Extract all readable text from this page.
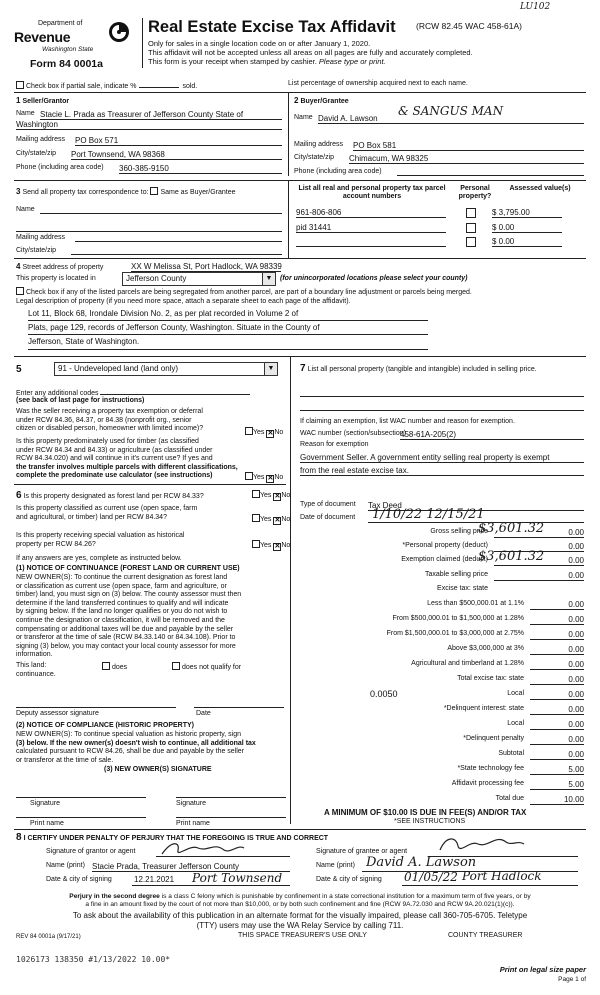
LU102
Department of
Revenue
Washington State
Form 84 0001a
Real Estate Excise Tax Affidavit (RCW 82.45 WAC 458-61A)
Only for sales in a single location code on or after January 1, 2020.
This affidavit will not be accepted unless all areas on all pages are fully and accurately completed.
This form is your receipt when stamped by cashier. Please type or print.
Check box if partial sale, indicate %	sold.	List percentage of ownership acquired next to each name.
1 Seller/Grantor
Name Stacie L. Prada as Treasurer of Jefferson County State of
Washington
Mailing address PO Box 571
City/state/zip Port Townsend, WA 98368
Phone (including area code) 360-385-9150
2 Buyer/Grantee
Name David A. Lawson
& SANGUS MAN
Mailing address PO Box 581
City/state/zip Chimacum, WA 98325
Phone (including area code)
3 Send all property tax correspondence to: Same as Buyer/Grantee
Name
Mailing address
City/state/zip
List all real and personal property tax parcel account numbers
Personal property?
Assessed value(s)
961-806-806	$ 3,795.00
pid 31441	$ 0.00
$ 0.00
4 Street address of property	XX W Melissa St, Port Hadlock, WA 98339
This property is located in	Jefferson County	▼	(for unincorporated locations please select your county)
Check box if any of the listed parcels are being segregated from another parcel, are part of a boundary line adjustment or parcels being merged.
Legal description of property (if you need more space, attach a separate sheet to each page of the affidavit).
Lot 11, Block 68, Irondale Division No. 2, as per plat recorded in Volume 2 of
Plats, page 129, records of Jefferson County, Washington. Situate in the County of
Jefferson, State of Washington.
5	91 - Undeveloped land (land only)	▼
Enter any additional codes
(see back of last page for instructions)
Was the seller receiving a property tax exemption or deferral
under RCW 84.36, 84.37, or 84.38 (nonprofit org., senior
citizen or disabled person, homeowner with limited income)?
Yes ✕No
Is this property predominately used for timber (as classified
under RCW 84.34 and 84.33) or agriculture (as classified under
RCW 84.34.020) and will continue in it's current use? If yes and
the transfer involves multiple parcels with different classifications,
complete the predominate use calculator (see instructions)	Yes ✕No
6 Is this property designated as forest land per RCW 84.33?	Yes ✕No
Is this property classified as current use (open space, farm
and agricultural, or timber) land per RCW 84.34?	Yes ✕No
Is this property receiving special valuation as historical
property per RCW 84.26?	Yes ✕No
If any answers are yes, complete as instructed below.
(1) NOTICE OF CONTINUANCE (FOREST LAND OR CURRENT USE)
NEW OWNER(S): To continue the current designation as forest land
or classification as current use (open space, farm and agriculture, or
timber) land, you must sign on (3) below. The county assessor must then
determine if the land transferred continues to qualify and will indicate
by signing below. If the land no longer qualifies or you do not wish to
continue the designation or classification, it will be removed and the
compensating or additional taxes will be due and payable by the seller
or transferor at the time of sale (RCW 84.33.140 or 84.34.108). Prior to
signing (3) below, you may contact your local county assessor for more
information.
This land:	does	does not qualify for
continuance.
Deputy assessor signature	Date
(2) NOTICE OF COMPLIANCE (HISTORIC PROPERTY)
NEW OWNER(S): To continue special valuation as historic property, sign
(3) below. If the new owner(s) doesn't wish to continue, all additional tax
calculated pursuant to RCW 84.26, shall be due and payable by the seller
or transferor at the time of sale.
(3) NEW OWNER(S) SIGNATURE
Signature	Signature
Print name	Print name
7 List all personal property (tangible and intangible) included in selling price.
If claiming an exemption, list WAC number and reason for exemption.
WAC number (section/subsection)
458-61A-205(2)
Reason for exemption
Government Seller. A government entity selling real property is exempt
from the real estate excise tax.
Type of document Tax Deed
Date of document 1/10/22 12/15/21
Gross selling price	0.00
$3,601.32
*Personal property (deduct)	0.00
Exemption claimed (deduct)	0.00
$3,601.32
Taxable selling price	0.00
Excise tax: state
Less than $500,000.01 at 1.1%	0.00
From $500,000.01 to $1,500,000 at 1.28%	0.00
From $1,500,000.01 to $3,000,000 at 2.75%	0.00
Above $3,000,000 at 3%	0.00
Agricultural and timberland at 1.28%	0.00
Total excise tax: state	0.00
0.0050	Local	0.00
*Delinquent interest: state	0.00
Local	0.00
*Delinquent penalty	0.00
Subtotal	0.00
*State technology fee	5.00
Affidavit processing fee	5.00
Total due	10.00
A MINIMUM OF $10.00 IS DUE IN FEE(S) AND/OR TAX
*SEE INSTRUCTIONS
8 I CERTIFY UNDER PENALTY OF PERJURY THAT THE FOREGOING IS TRUE AND CORRECT
Signature of grantor or agent
Name (print) Stacie Prada, Treasurer Jefferson County
Date & city of signing	12.21.2021 Port Townsend
Signature of grantee or agent
Name (print) David A. Lawson
Date & city of signing 01/05/22 Port Hadlock
Perjury in the second degree is a class C felony which is punishable by confinement in a state correctional institution for a maximum term of five years, or by
a fine in an amount fixed by the court of not more than $10,000, or by both such confinement and fine (RCW 9A.72.030 and RCW 9A.20.021(1)(c)).
To ask about the availability of this publication in an alternate format for the visually impaired, please call 360-705-6705. Teletype
(TTY) users may use the WA Relay Service by calling 711.
REV 84 0001a (9/17/21)	THIS SPACE TREASURER'S USE ONLY	COUNTY TREASURER
1026173 138350 #1/13/2022 10.00*
Print on legal size paper
Page 1 of
